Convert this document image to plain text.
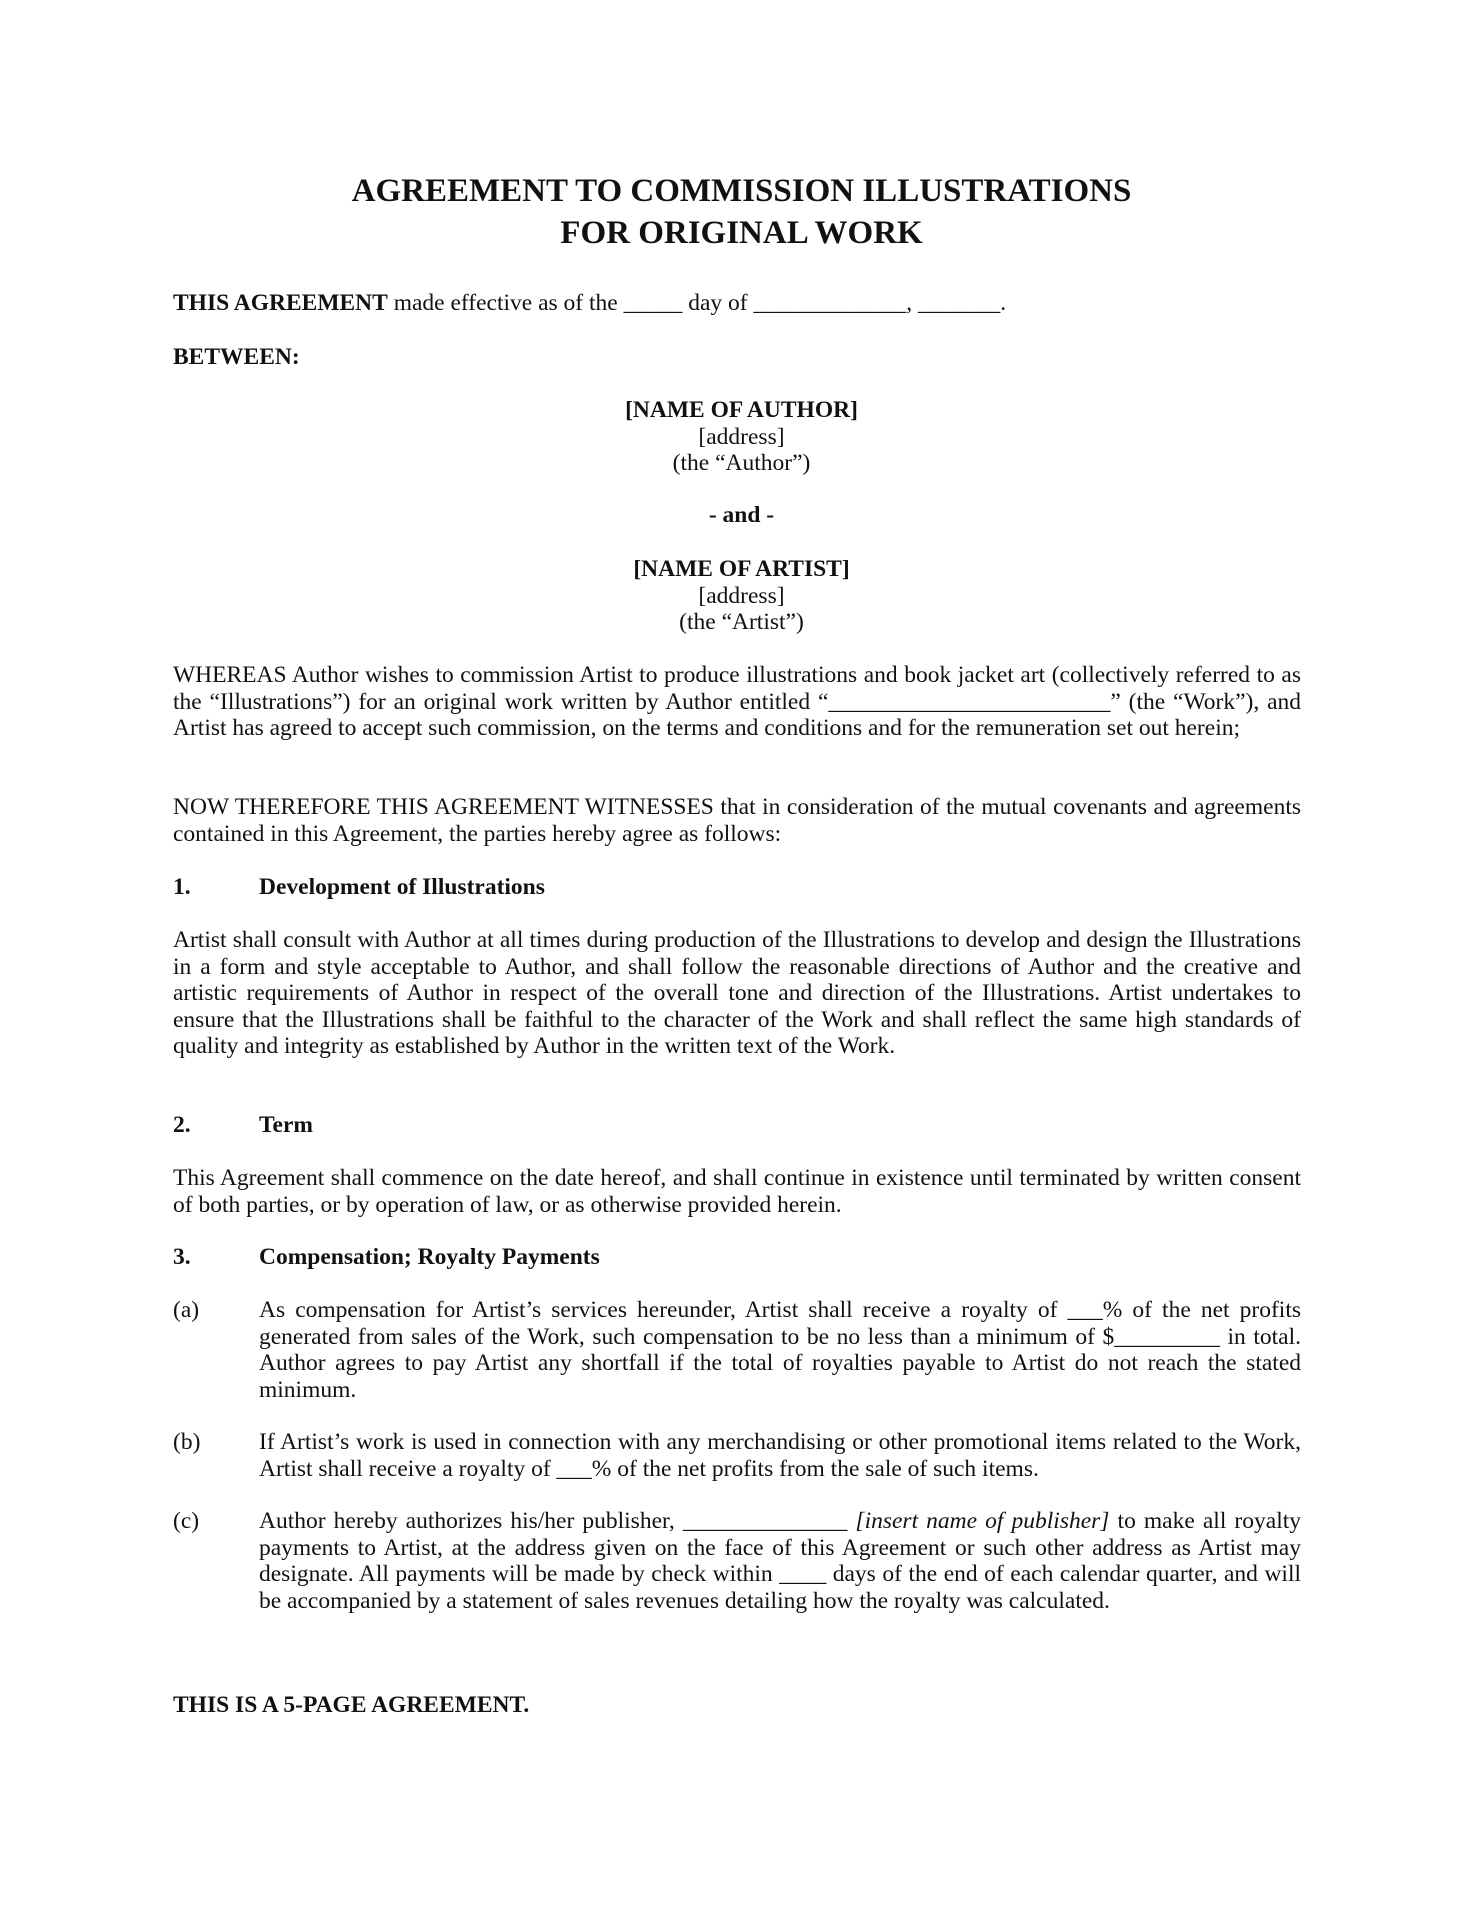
AGREEMENT TO COMMISSION ILLUSTRATIONS
FOR ORIGINAL WORK
THIS AGREEMENT made effective as of the _____ day of _____________, _______.
BETWEEN:
[NAME OF AUTHOR]
[address]
(the “Author”)
- and -
[NAME OF ARTIST]
[address]
(the “Artist”)
WHEREAS Author wishes to commission Artist to produce illustrations and book jacket art (collectively referred to as the “Illustrations”) for an original work written by Author entitled “________________________” (the “Work”), and Artist has agreed to accept such commission, on the terms and conditions and for the remuneration set out herein;
NOW THEREFORE THIS AGREEMENT WITNESSES that in consideration of the mutual covenants and agreements contained in this Agreement, the parties hereby agree as follows:
1.	Development of Illustrations
Artist shall consult with Author at all times during production of the Illustrations to develop and design the Illustrations in a form and style acceptable to Author, and shall follow the reasonable directions of Author and the creative and artistic requirements of Author in respect of the overall tone and direction of the Illustrations. Artist undertakes to ensure that the Illustrations shall be faithful to the character of the Work and shall reflect the same high standards of quality and integrity as established by Author in the written text of the Work.
2.	Term
This Agreement shall commence on the date hereof, and shall continue in existence until terminated by written consent of both parties, or by operation of law, or as otherwise provided herein.
3.	Compensation; Royalty Payments
(a)	As compensation for Artist’s services hereunder, Artist shall receive a royalty of ___% of the net profits generated from sales of the Work, such compensation to be no less than a minimum of $_________ in total. Author agrees to pay Artist any shortfall if the total of royalties payable to Artist do not reach the stated minimum.
(b) If Artist’s work is used in connection with any merchandising or other promotional items related to the Work, Artist shall receive a royalty of ___% of the net profits from the sale of such items.
(c)	Author hereby authorizes his/her publisher, ______________ [insert name of publisher] to make all royalty payments to Artist, at the address given on the face of this Agreement or such other address as Artist may designate. All payments will be made by check within ____ days of the end of each calendar quarter, and will be accompanied by a statement of sales revenues detailing how the royalty was calculated.
THIS IS A 5-PAGE AGREEMENT.
